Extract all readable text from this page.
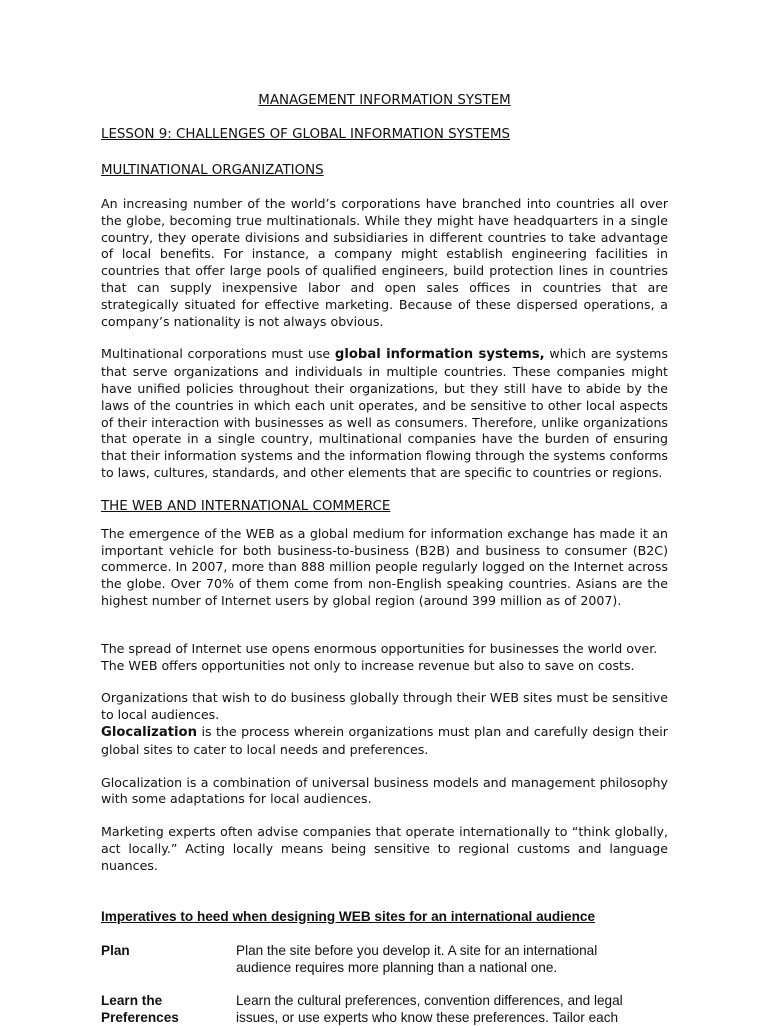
MANAGEMENT INFORMATION SYSTEM
LESSON 9: CHALLENGES OF GLOBAL INFORMATION SYSTEMS
MULTINATIONAL ORGANIZATIONS

An increasing number of the world’s corporations have branched into countries all over the globe, becoming true multinationals. While they might have headquarters in a single country, they operate divisions and subsidiaries in different countries to take advantage of local benefits. For instance, a company might establish engineering facilities in countries that offer large pools of qualified engineers, build protection lines in countries that can supply inexpensive labor and open sales offices in countries that are strategically situated for effective marketing. Because of these dispersed operations, a company’s nationality is not always obvious.

Multinational corporations must use global information systems, which are systems that serve organizations and individuals in multiple countries. These companies might have unified policies throughout their organizations, but they still have to abide by the laws of the countries in which each unit operates, and be sensitive to other local aspects of their interaction with businesses as well as consumers. Therefore, unlike organizations that operate in a single country, multinational companies have the burden of ensuring that their information systems and the information flowing through the systems conforms to laws, cultures, standards, and other elements that are specific to countries or regions.

THE WEB AND INTERNATIONAL COMMERCE

The emergence of the WEB as a global medium for information exchange has made it an important vehicle for both business-to-business (B2B) and business to consumer (B2C) commerce. In 2007, more than 888 million people regularly logged on the Internet across the globe. Over 70% of them come from non-English speaking countries. Asians are the highest number of Internet users by global region (around 399 million as of 2007).

The spread of Internet use opens enormous opportunities for businesses the world over.
The WEB offers opportunities not only to increase revenue but also to save on costs.

Organizations that wish to do business globally through their WEB sites must be sensitive to local audiences.

Glocalization is the process wherein organizations must plan and carefully design their global sites to cater to local needs and preferences.

Glocalization is a combination of universal business models and management philosophy with some adaptations for local audiences.

Marketing experts often advise companies that operate internationally to “think globally, act locally.” Acting locally means being sensitive to regional customs and language nuances.

Imperatives to heed when designing WEB sites for an international audience
Plan	Plan the site before you develop it. A site for an international audience requires more planning than a national one.
Learn the Preferences
Learn the cultural preferences, convention differences, and legal issues, or use experts who know these preferences. Tailor each
